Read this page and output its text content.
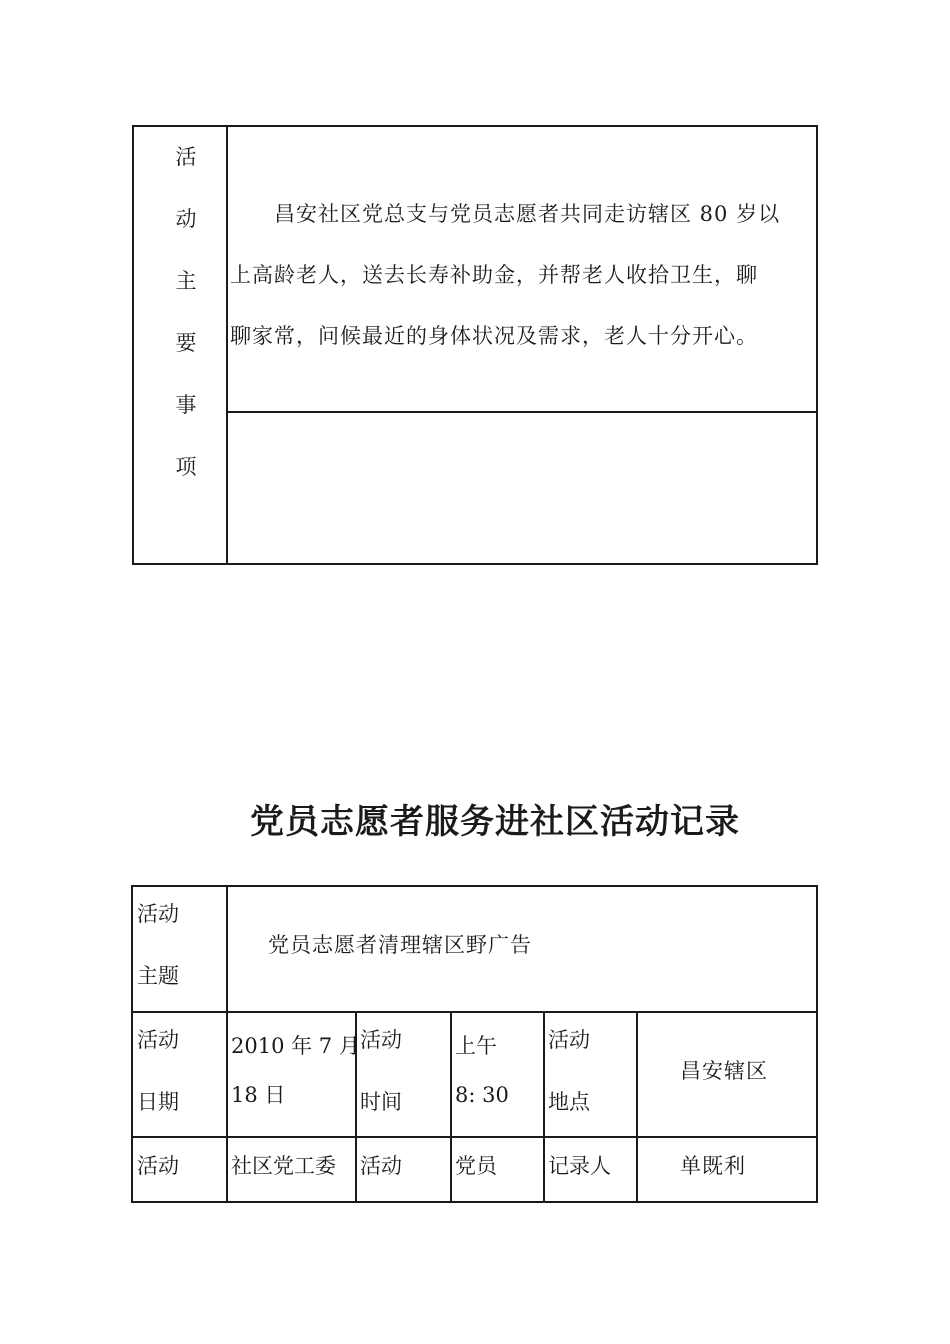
活
动
主
要
事
项
　　昌安社区党总支与党员志愿者共同走访辖区 80 岁以
上高龄老人，送去长寿补助金，并帮老人收拾卫生，聊
聊家常，问候最近的身体状况及需求，老人十分开心。
党员志愿者服务进社区活动记录
活动
主题
党员志愿者清理辖区野广告
活动
日期
2010 年 7 月
18 日
活动
时间
上午
8: 30
活动
地点
昌安辖区
活动 社区党工委 活动	党员 记录人	单既利
